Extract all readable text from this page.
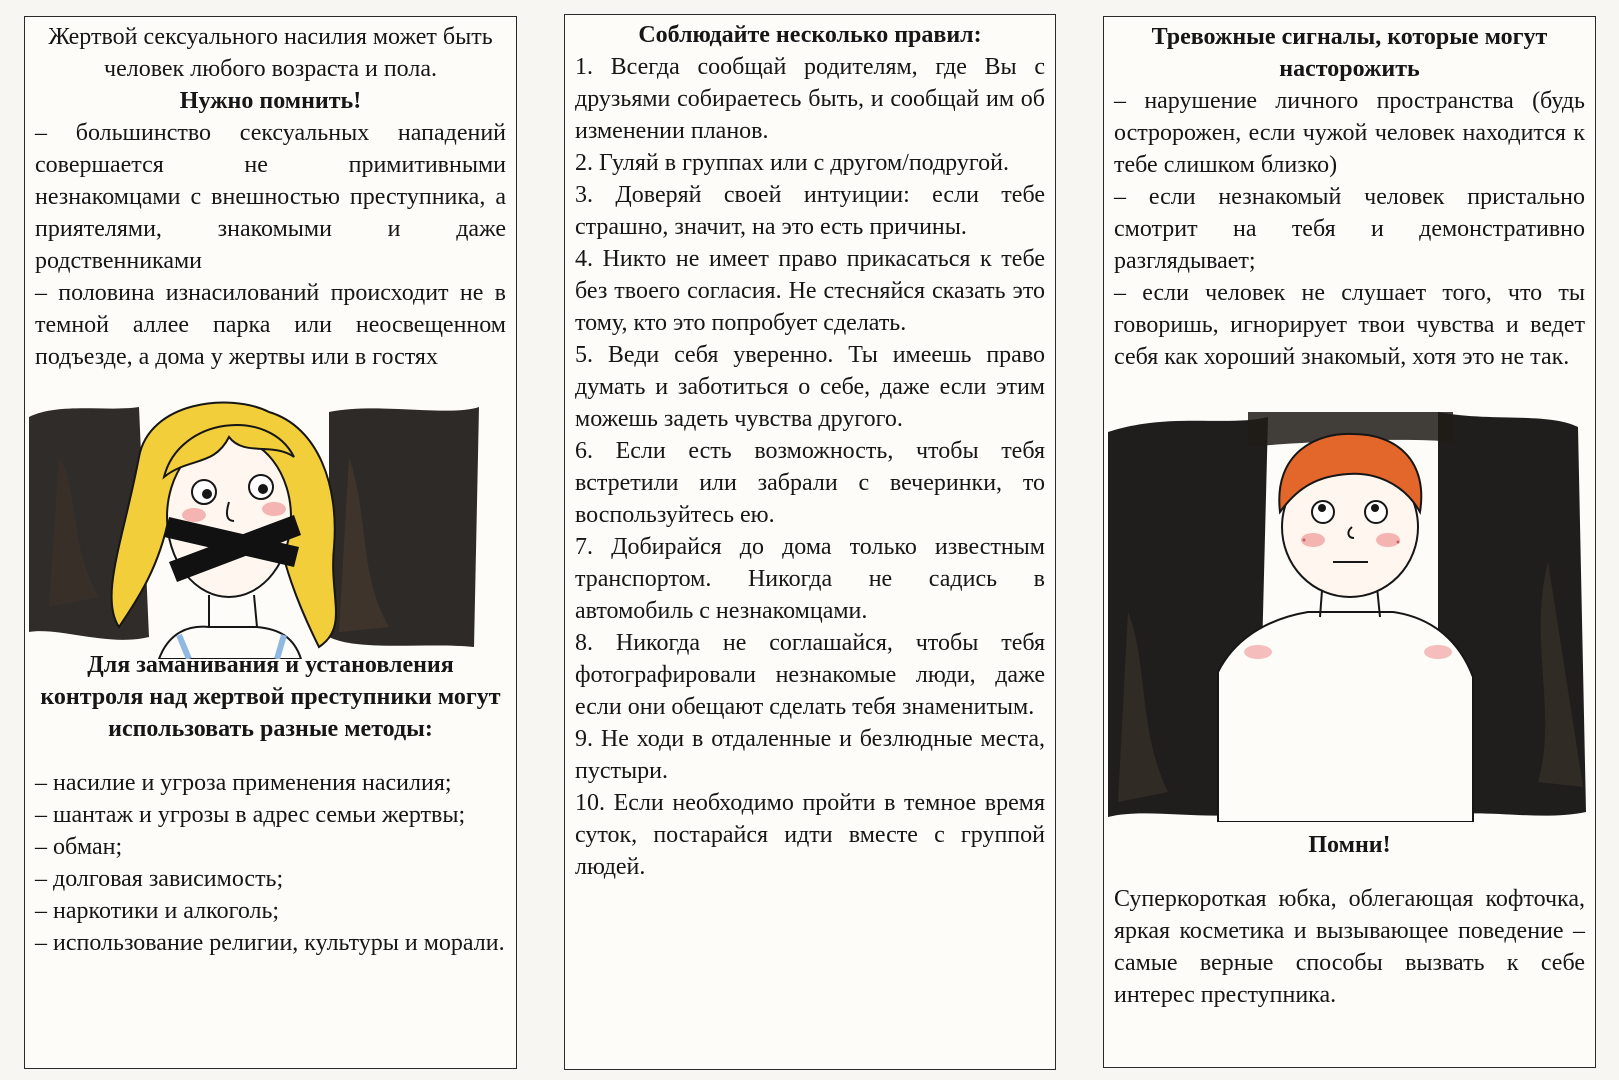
Жертвой сексуального насилия может быть человек любого возраста и пола.

Нужно помнить!

– большинство сексуальных нападений совершается не примитивными незнакомцами с внешностью преступника, а приятелями, знакомыми и даже родственниками

– половина изнасилований происходит не в темной аллее парка или неосвещенном подъезде, а дома у жертвы или в гостях

Для заманивания и установления контроля над жертвой преступники могут использовать разные методы:

– насилие и угроза применения насилия;

– шантаж и угрозы в адрес семьи жертвы;

– обман;

– долговая зависимость;

– наркотики и алкоголь;

– использование религии, культуры и морали.

Соблюдайте несколько правил:

1. Всегда сообщай родителям, где Вы с друзьями собираетесь быть, и сообщай им об изменении планов.

2. Гуляй в группах или с другом/подругой.

3. Доверяй своей интуиции: если тебе страшно, значит, на это есть причины.

4. Никто не имеет право прикасаться к тебе без твоего согласия. Не стесняйся сказать это тому, кто это попробует сделать.

5. Веди себя уверенно. Ты имеешь право думать и заботиться о себе, даже если этим можешь задеть чувства другого.

6. Если есть возможность, чтобы тебя встретили или забрали с вечеринки, то воспользуйтесь ею.

7. Добирайся до дома только известным транспортом. Никогда не садись в автомобиль с незнакомцами.

8. Никогда не соглашайся, чтобы тебя фотографировали незнакомые люди, даже если они обещают сделать тебя знаменитым.

9. Не ходи в отдаленные и безлюдные места, пустыри.

10. Если необходимо пройти в темное время суток, постарайся идти вместе с группой людей.

Тревожные сигналы, которые могут насторожить

– нарушение личного пространства (будь остророжен, если чужой человек находится к тебе слишком близко)

– если незнакомый человек пристально смотрит на тебя и демонстративно разглядывает;

– если человек не слушает того, что ты говоришь, игнорирует твои чувства и ведет себя как хороший знакомый, хотя это не так.

Помни!

Суперкороткая юбка, облегающая кофточка, яркая косметика и вызывающее поведение – самые верные способы вызвать к себе интерес преступника.
